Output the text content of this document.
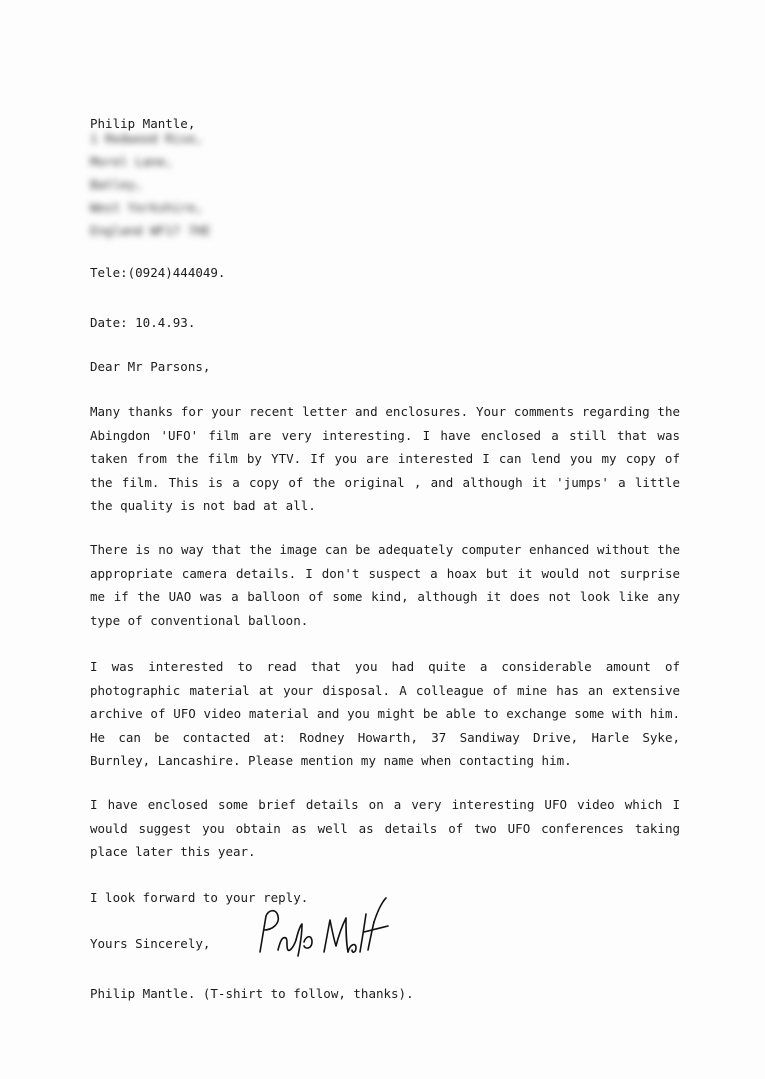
Philip Mantle,
1 Redwood Rise,
Morel Lane,
Batley,
West Yorkshire,
England WF17 7HE
Tele:(0924)444049.
Date: 10.4.93.
Dear Mr Parsons,
Many thanks for your recent letter and enclosures. Your comments regarding the Abingdon 'UFO' film are very interesting. I have enclosed a still that was taken from the film by YTV. If you are interested I can lend you my copy of the film. This is a copy of the original , and although it 'jumps' a little the quality is not bad at all.
There is no way that the image can be adequately computer enhanced without the appropriate camera details. I don't suspect a hoax but it would not surprise me if the UAO was a balloon of some kind, although it does not look like any type of conventional balloon.
I was interested to read that you had quite a considerable amount of photographic material at your disposal. A colleague of mine has an extensive archive of UFO video material and you might be able to exchange some with him. He can be contacted at: Rodney Howarth, 37 Sandiway Drive, Harle Syke, Burnley, Lancashire. Please mention my name when contacting him.
I have enclosed some brief details on a very interesting UFO video which I would suggest you obtain as well as details of two UFO conferences taking place later this year.
I look forward to your reply.
Yours Sincerely,
Philip Mantle. (T-shirt to follow, thanks).
